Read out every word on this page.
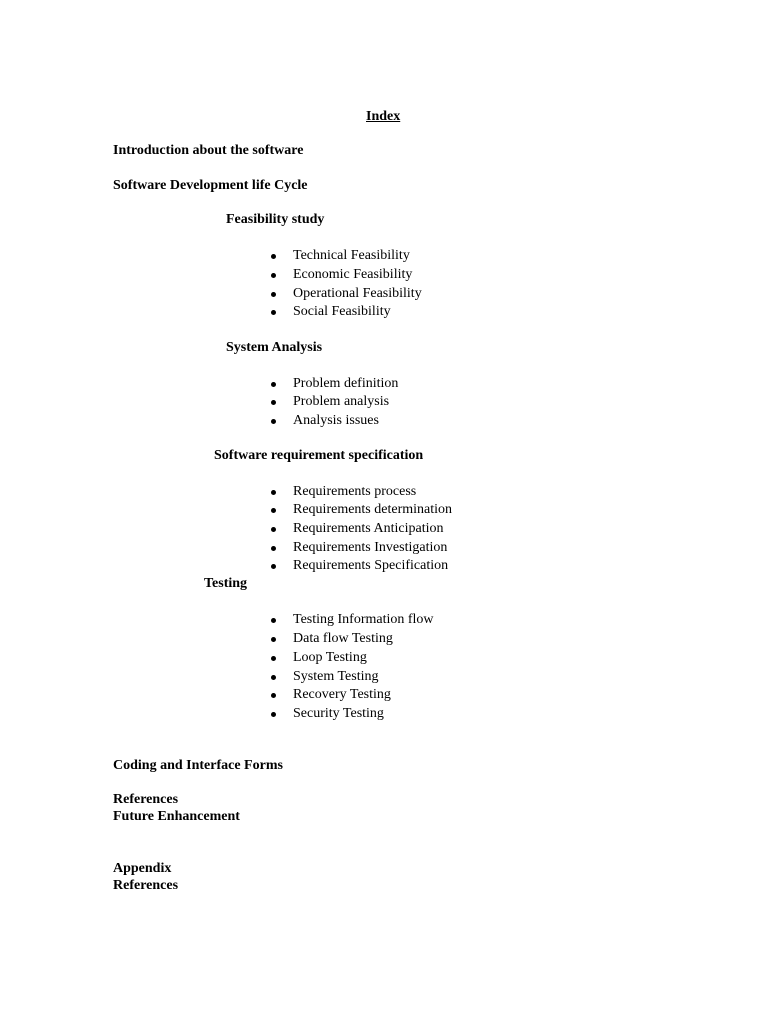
Index
Introduction about the software
Software Development life Cycle
Feasibility study
Technical Feasibility
Economic Feasibility
Operational Feasibility
Social Feasibility
System Analysis
Problem definition
Problem analysis
Analysis issues
Software requirement specification
Requirements process
Requirements determination
Requirements Anticipation
Requirements Investigation
Requirements Specification
Testing
Testing Information flow
Data flow Testing
Loop Testing
System Testing
Recovery Testing
Security Testing
Coding and Interface Forms
References
Future Enhancement
Appendix
References
